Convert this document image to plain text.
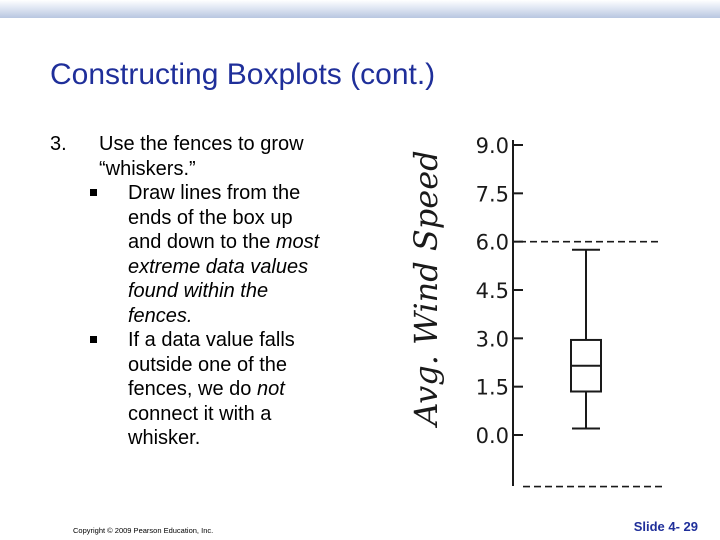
Constructing Boxplots (cont.)
3. Use the fences to grow
“whiskers.”
Draw lines from the
ends of the box up
and down to the most
extreme data values
found within the
fences.
If a data value falls
outside one of the
fences, we do not
connect it with a
whisker.
9.0
7.5
6.0
4.5
3.0
1.5
0.0
Avg. Wind Speed
Copyright © 2009 Pearson Education, Inc.	Slide 4- 29
